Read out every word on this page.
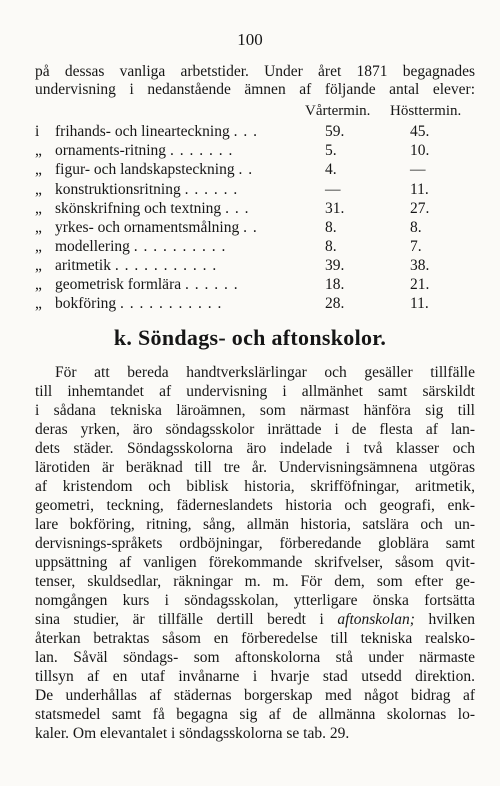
100
på dessas vanliga arbetstider. Under året 1871 begagnades
undervisning i nedanstående ämnen af följande antal elever:
Vårtermin. Hösttermin.
i	frihands- och linearteckning . . .	59.	45.
„ ornaments-ritning . . . . . . .	5.	10.
„ figur- och landskapsteckning . .	4.	—
„ konstruktionsritning . . . . . .	—	11.
„ skönskrifning och textning . . .	31.	27.
„ yrkes- och ornamentsmålning . .	8.	8.
„ modellering . . . . . . . . . .	8.	7.
„ aritmetik . . . . . . . . . . .	39.	38.
„ geometrisk formlära . . . . . .	18.	21.
„ bokföring . . . . . . . . . . .	28.	11.
k. Söndags- och aftonskolor.
För att bereda handtverkslärlingar och gesäller tillfälle
till inhemtandet af undervisning i allmänhet samt särskildt
i sådana tekniska läroämnen, som närmast hänföra sig till
deras yrken, äro söndagsskolor inrättade i de flesta af lan-
dets städer. Söndagsskolorna äro indelade i två klasser och
lärotiden är beräknad till tre år. Undervisningsämnena utgöras
af kristendom och biblisk historia, skrifföfningar, aritmetik,
geometri, teckning, fäderneslandets historia och geografi, enk-
lare bokföring, ritning, sång, allmän historia, satslära och un-
dervisnings-språkets ordböjningar, förberedande globlära samt
uppsättning af vanligen förekommande skrifvelser, såsom qvit-
tenser, skuldsedlar, räkningar m. m. För dem, som efter ge-
nomgången kurs i söndagsskolan, ytterligare önska fortsätta
sina studier, är tillfälle dertill beredt i aftonskolan; hvilken
återkan betraktas såsom en förberedelse till tekniska realsko-
lan. Såväl söndags- som aftonskolorna stå under närmaste
tillsyn af en utaf invånarne i hvarje stad utsedd direktion.
De underhållas af städernas borgerskap med något bidrag af
statsmedel samt få begagna sig af de allmänna skolornas lo-
kaler. Om elevantalet i söndagsskolorna se tab. 29.
